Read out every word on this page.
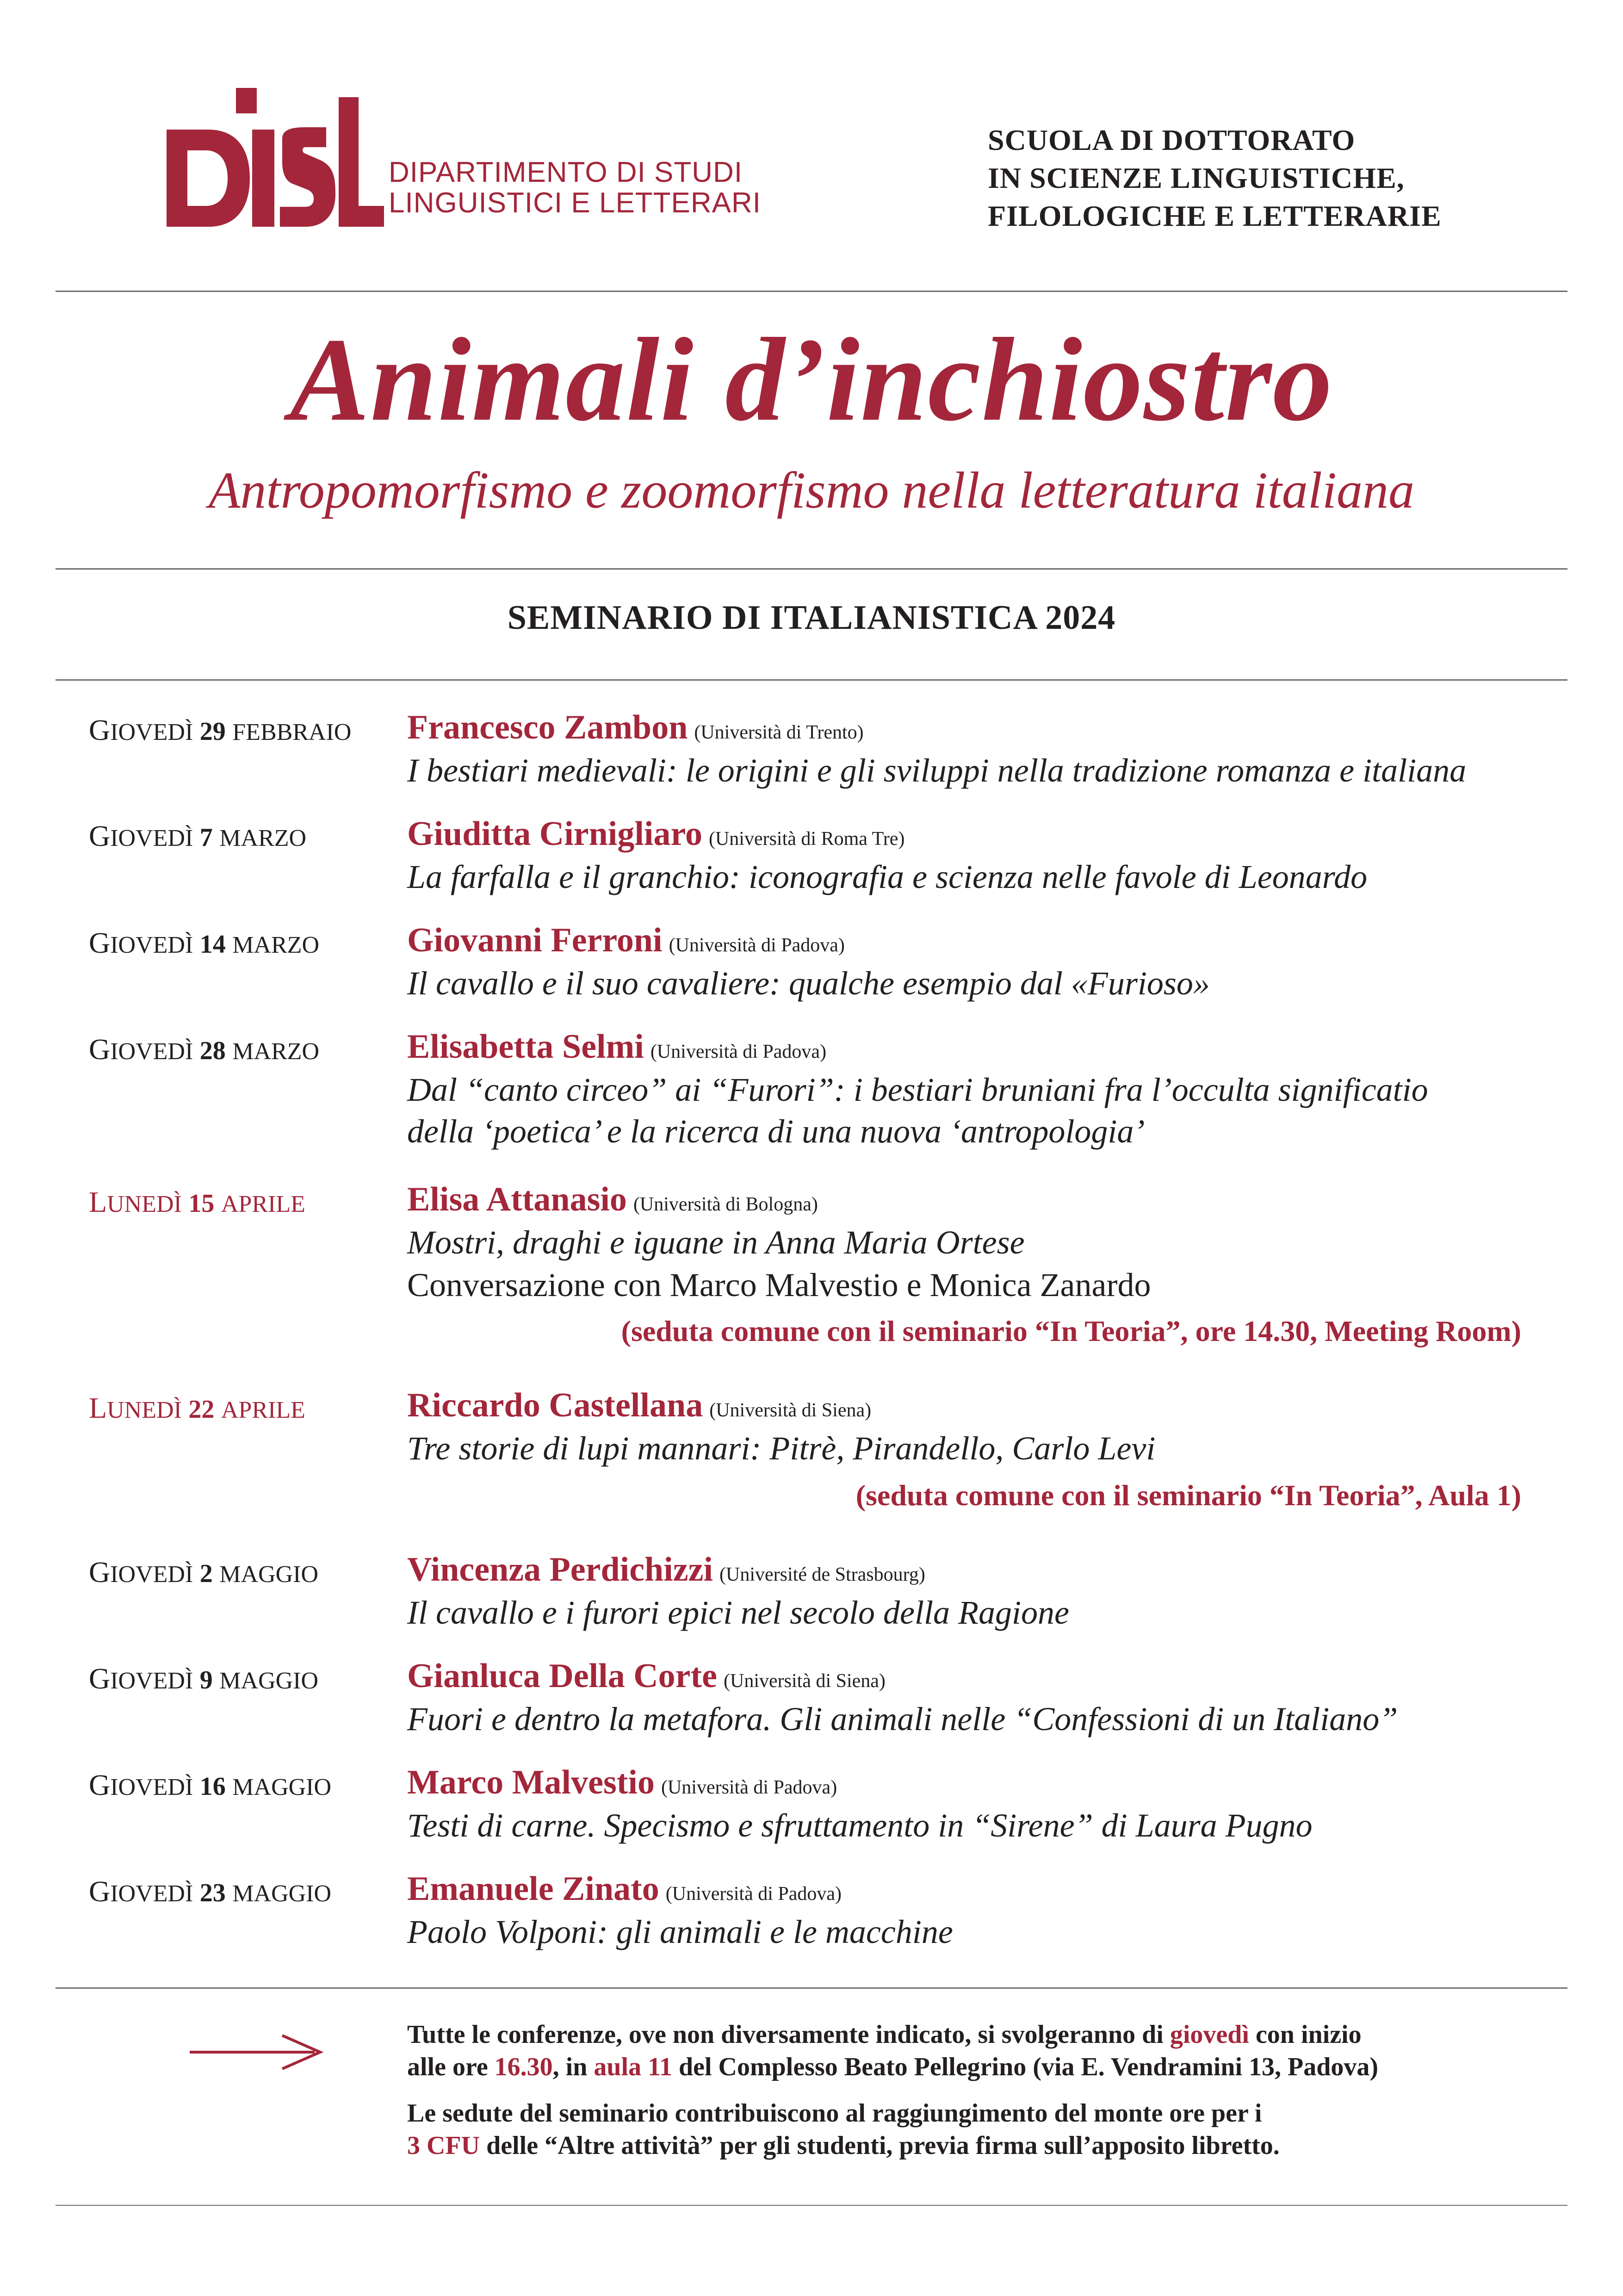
DIPARTIMENTO DI STUDI
LINGUISTICI E LETTERARI
SCUOLA DI DOTTORATO
IN SCIENZE LINGUISTICHE,
FILOLOGICHE E LETTERARIE
Animali d’inchiostro
Antropomorfismo e zoomorfismo nella letteratura italiana
SEMINARIO DI ITALIANISTICA 2024
GIOVEDÌ 29 FEBBRAIO Francesco Zambon (Università di Trento)
I bestiari medievali: le origini e gli sviluppi nella tradizione romanza e italiana
GIOVEDÌ 7 MARZO	Giuditta Cirnigliaro (Università di Roma Tre)
La farfalla e il granchio: iconografia e scienza nelle favole di Leonardo
GIOVEDÌ 14 MARZO	Giovanni Ferroni (Università di Padova)
Il cavallo e il suo cavaliere: qualche esempio dal «Furioso»
GIOVEDÌ 28 MARZO	Elisabetta Selmi (Università di Padova)
Dal “canto circeo” ai “Furori”: i bestiari bruniani fra l’occulta significatio
della ‘poetica’ e la ricerca di una nuova ‘antropologia’
LUNEDÌ 15 APRILE	Elisa Attanasio (Università di Bologna)
Mostri, draghi e iguane in Anna Maria Ortese
Conversazione con Marco Malvestio e Monica Zanardo
(seduta comune con il seminario “In Teoria”, ore 14.30, Meeting Room)
LUNEDÌ 22 APRILE	Riccardo Castellana (Università di Siena)
Tre storie di lupi mannari: Pitrè, Pirandello, Carlo Levi
(seduta comune con il seminario “In Teoria”, Aula 1)
GIOVEDÌ 2 MAGGIO	Vincenza Perdichizzi (Université de Strasbourg)
Il cavallo e i furori epici nel secolo della Ragione
GIOVEDÌ 9 MAGGIO	Gianluca Della Corte (Università di Siena)
Fuori e dentro la metafora. Gli animali nelle “Confessioni di un Italiano”
GIOVEDÌ 16 MAGGIO Marco Malvestio (Università di Padova)
Testi di carne. Specismo e sfruttamento in “Sirene” di Laura Pugno
GIOVEDÌ 23 MAGGIO Emanuele Zinato (Università di Padova)
Paolo Volponi: gli animali e le macchine
Tutte le conferenze, ove non diversamente indicato, si svolgeranno di giovedì con inizio
alle ore 16.30, in aula 11 del Complesso Beato Pellegrino (via E. Vendramini 13, Padova)
Le sedute del seminario contribuiscono al raggiungimento del monte ore per i
3 CFU delle “Altre attività” per gli studenti, previa firma sull’apposito libretto.
